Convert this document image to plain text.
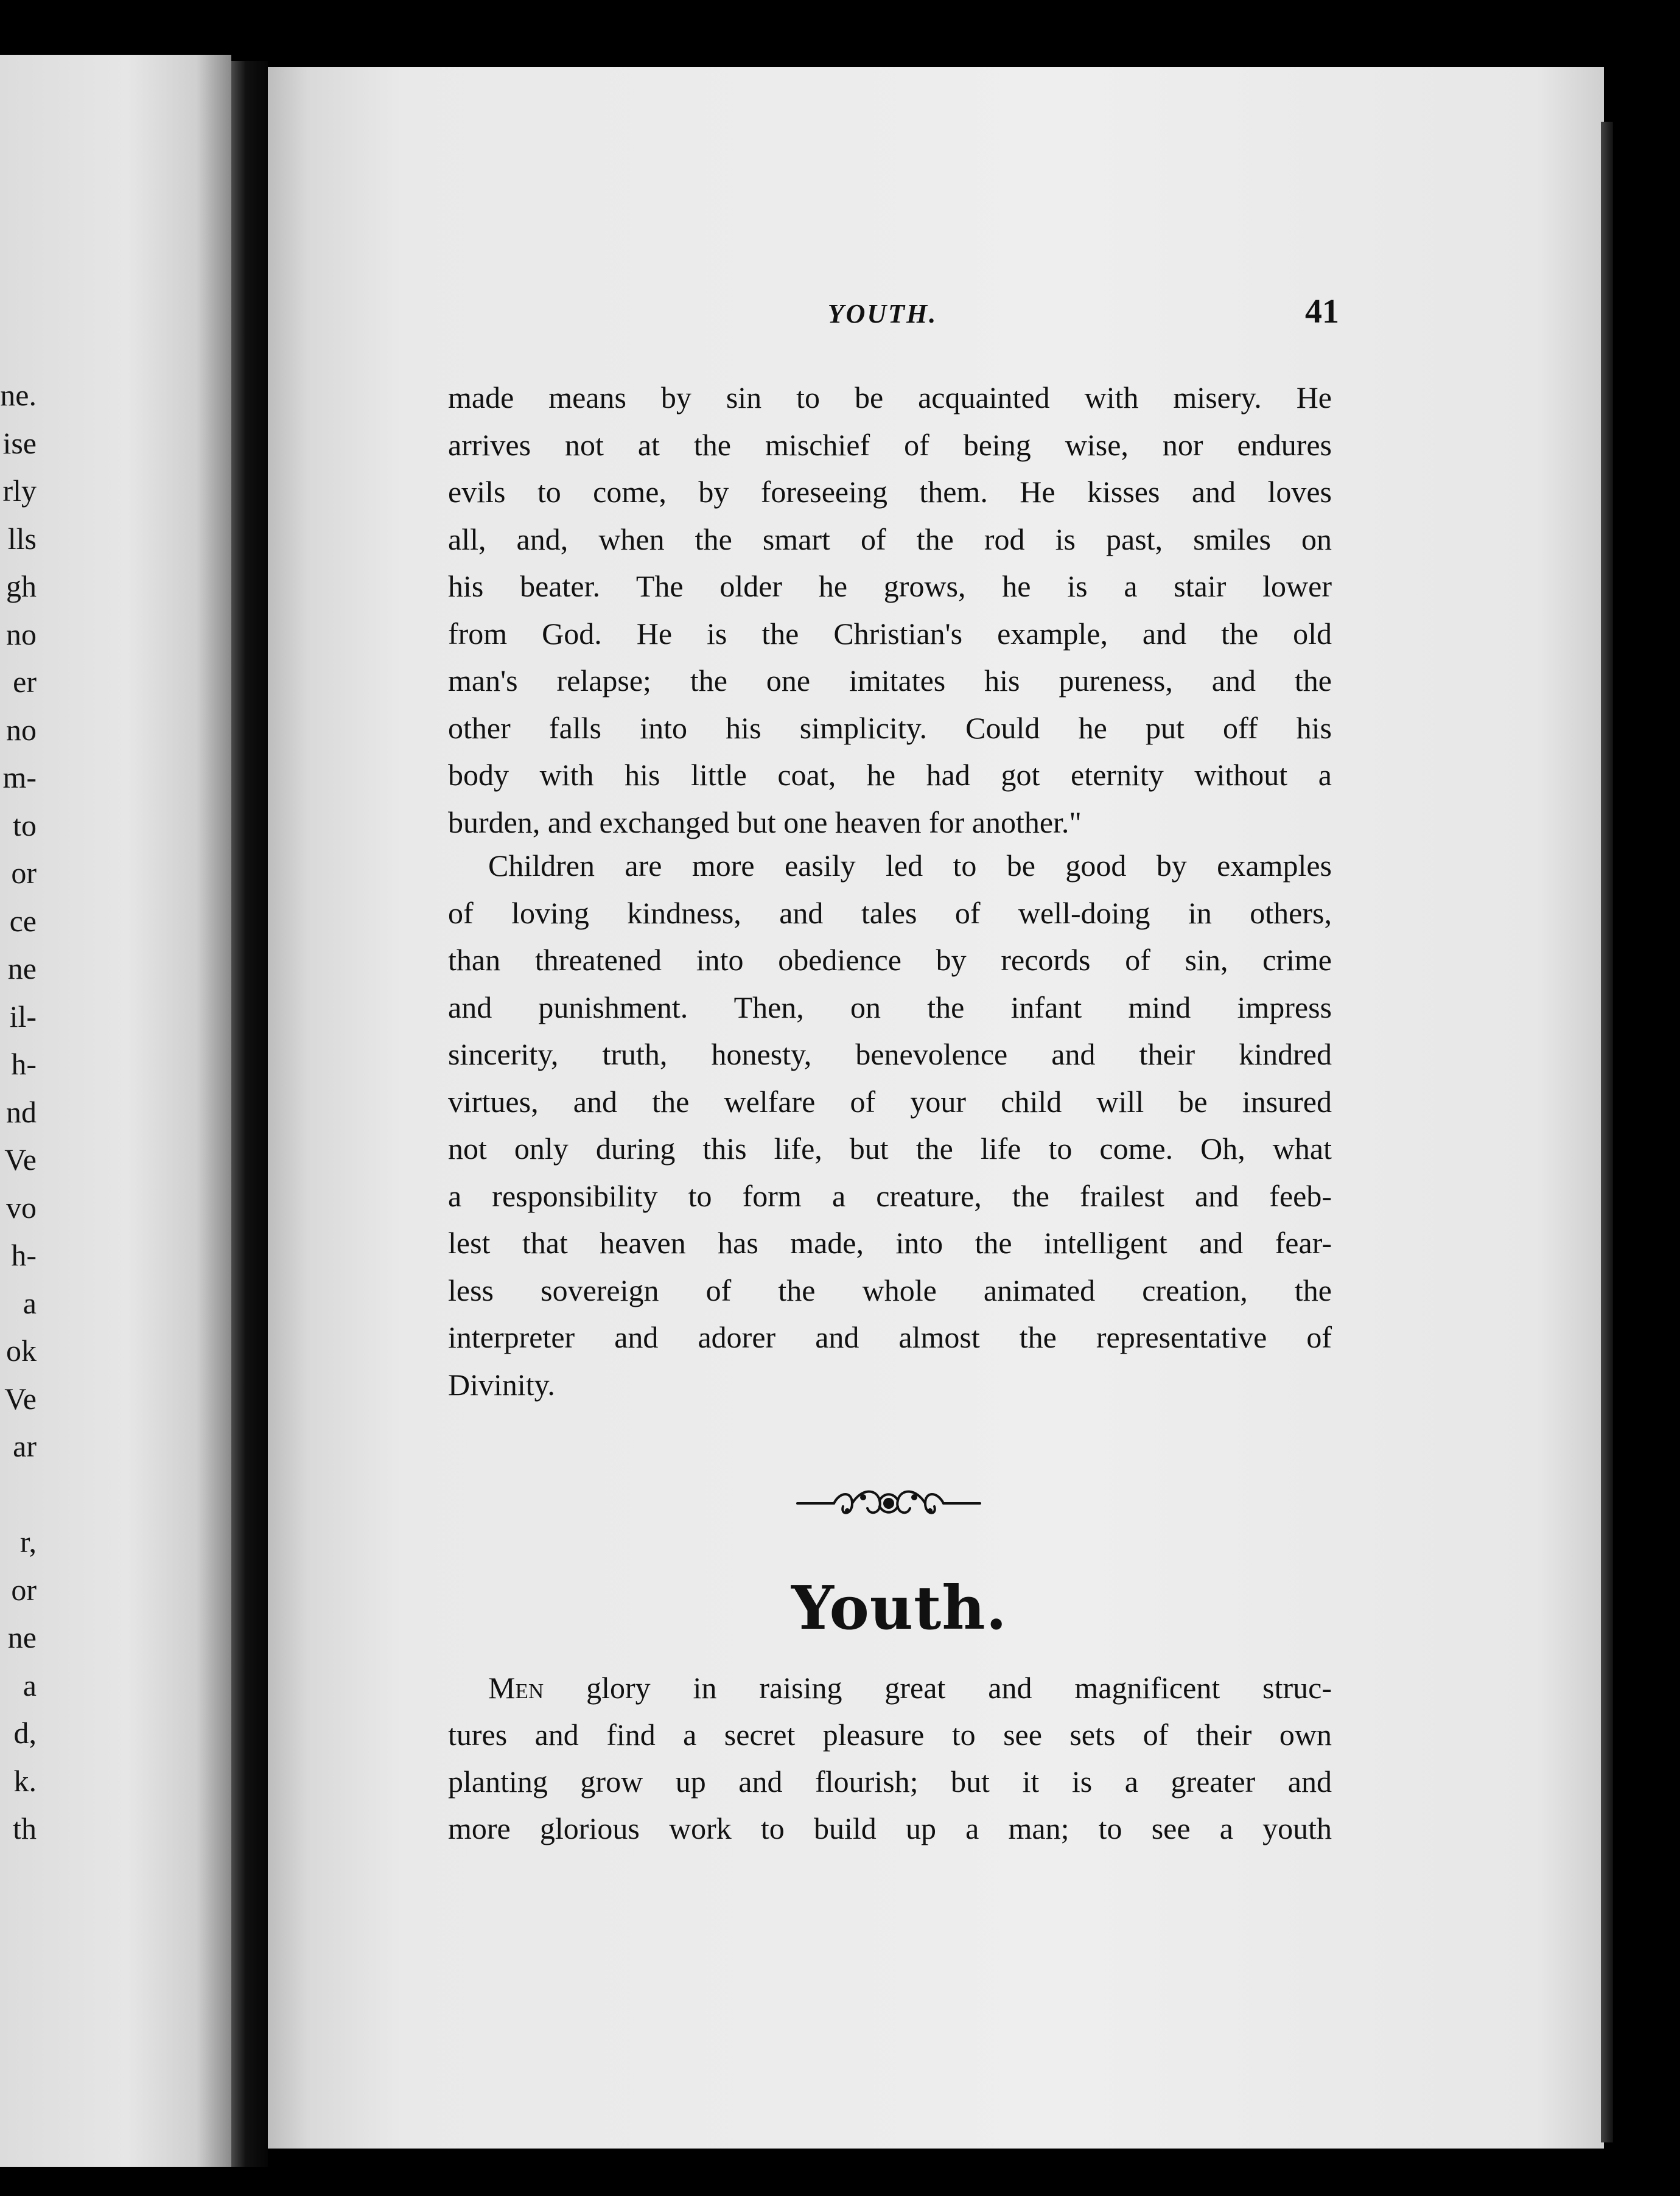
ne.
ise
rly
lls
gh
no
er
no
m-
to
or
ce
ne
il-
h-
nd
Ve
vo
h-
a
ok
Ve
ar

r,
or
ne
a
d,
k.
th
YOUTH.	41

made means by sin to be acquainted with misery. He

arrives not at the mischief of being wise, nor endures

evils to come, by foreseeing them. He kisses and loves

all, and, when the smart of the rod is past, smiles on

his beater. The older he grows, he is a stair lower

from God. He is the Christian's example, and the old

man's relapse; the one imitates his pureness, and the

other falls into his simplicity. Could he put off his

body with his little coat, he had got eternity without a

burden, and exchanged but one heaven for another."

Children are more easily led to be good by examples

of loving kindness, and tales of well-doing in others,

than threatened into obedience by records of sin, crime

and punishment. Then, on the infant mind impress

sincerity, truth, honesty, benevolence and their kindred

virtues, and the welfare of your child will be insured

not only during this life, but the life to come. Oh, what

a responsibility to form a creature, the frailest and feeb-

lest that heaven has made, into the intelligent and fear-

less sovereign of the whole animated creation, the

interpreter and adorer and almost the representative of

Divinity.

Youth.

Men glory in raising great and magnificent struc-

tures and find a secret pleasure to see sets of their own

planting grow up and flourish; but it is a greater and

more glorious work to build up a man; to see a youth
